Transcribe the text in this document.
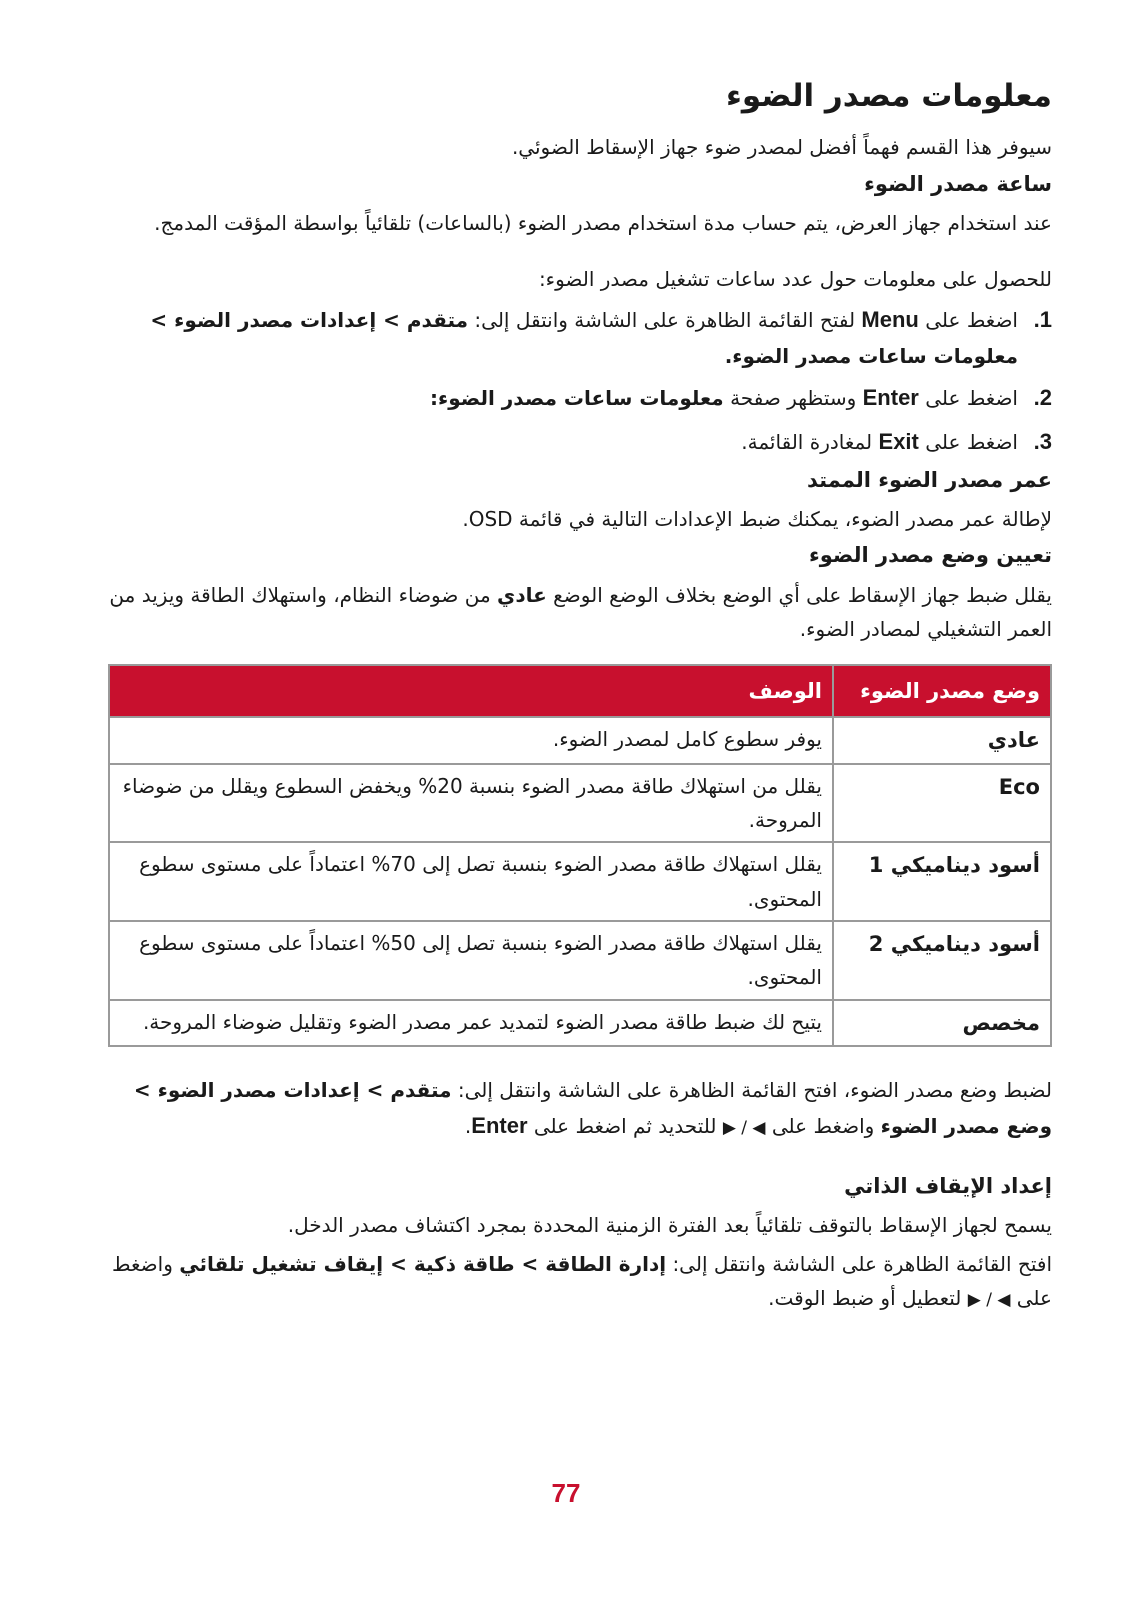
معلومات مصدر الضوء

سيوفر هذا القسم فهماً أفضل لمصدر ضوء جهاز الإسقاط الضوئي.

ساعة مصدر الضوء

عند استخدام جهاز العرض، يتم حساب مدة استخدام مصدر الضوء (بالساعات) تلقائياً بواسطة المؤقت المدمج.

للحصول على معلومات حول عدد ساعات تشغيل مصدر الضوء:

1.
اضغط على Menu لفتح القائمة الظاهرة على الشاشة وانتقل إلى: متقدم > إعدادات مصدر الضوء > معلومات ساعات مصدر الضوء.
2.
اضغط على Enter وستظهر صفحة معلومات ساعات مصدر الضوء:
3.
اضغط على Exit لمغادرة القائمة.
عمر مصدر الضوء الممتد

لإطالة عمر مصدر الضوء، يمكنك ضبط الإعدادات التالية في قائمة OSD.

تعيين وضع مصدر الضوء

يقلل ضبط جهاز الإسقاط على أي الوضع بخلاف الوضع الوضع عادي من ضوضاء النظام، واستهلاك الطاقة ويزيد من العمر التشغيلي لمصادر الضوء.

وضع مصدر الضوء	الوصف
عادي	يوفر سطوع كامل لمصدر الضوء.
Eco	يقلل من استهلاك طاقة مصدر الضوء بنسبة 20% ويخفض السطوع ويقلل من ضوضاء المروحة.
أسود ديناميكي 1	يقلل استهلاك طاقة مصدر الضوء بنسبة تصل إلى 70% اعتماداً على مستوى سطوع المحتوى.
أسود ديناميكي 2	يقلل استهلاك طاقة مصدر الضوء بنسبة تصل إلى 50% اعتماداً على مستوى سطوع المحتوى.
مخصص	يتيح لك ضبط طاقة مصدر الضوء لتمديد عمر مصدر الضوء وتقليل ضوضاء المروحة.

لضبط وضع مصدر الضوء، افتح القائمة الظاهرة على الشاشة وانتقل إلى: متقدم > إعدادات مصدر الضوء > وضع مصدر الضوء واضغط على ◀ / ▶ للتحديد ثم اضغط على Enter.

إعداد الإيقاف الذاتي

يسمح لجهاز الإسقاط بالتوقف تلقائياً بعد الفترة الزمنية المحددة بمجرد اكتشاف مصدر الدخل.

افتح القائمة الظاهرة على الشاشة وانتقل إلى: إدارة الطاقة > طاقة ذكية > إيقاف تشغيل تلقائي واضغط على ◀ / ▶ لتعطيل أو ضبط الوقت.

77
